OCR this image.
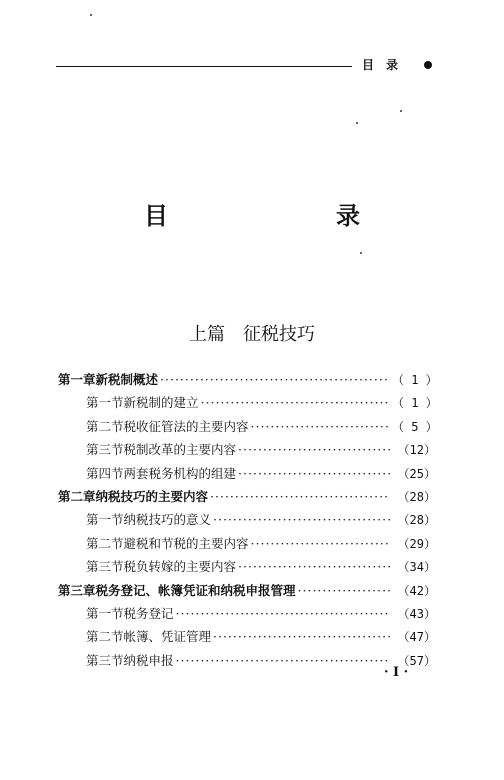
目　录
目　　录
上篇　征税技巧
第一章 新税制概述 ·····	（ 1 ）
第一节 新税制的建立 ·····	（ 1 ）
第二节 税收征管法的主要内容 ·····	（ 5 ）
第三节 税制改革的主要内容 ·····	（12）
第四节 两套税务机构的组建 ·····	（25）
第二章 纳税技巧的主要内容 ·····	（28）
第一节 纳税技巧的意义 ·····	（28）
第二节 避税和节税的主要内容 ·····	（29）
第三节 税负转嫁的主要内容 ·····	（34）
第三章 税务登记、帐簿凭证和纳税申报管理 ·····	（42）
第一节 税务登记 ·····	（43）
第二节 帐簿、凭证管理 ·····	（47）
第三节 纳税申报 ·····	（57）
· Ⅰ ·
